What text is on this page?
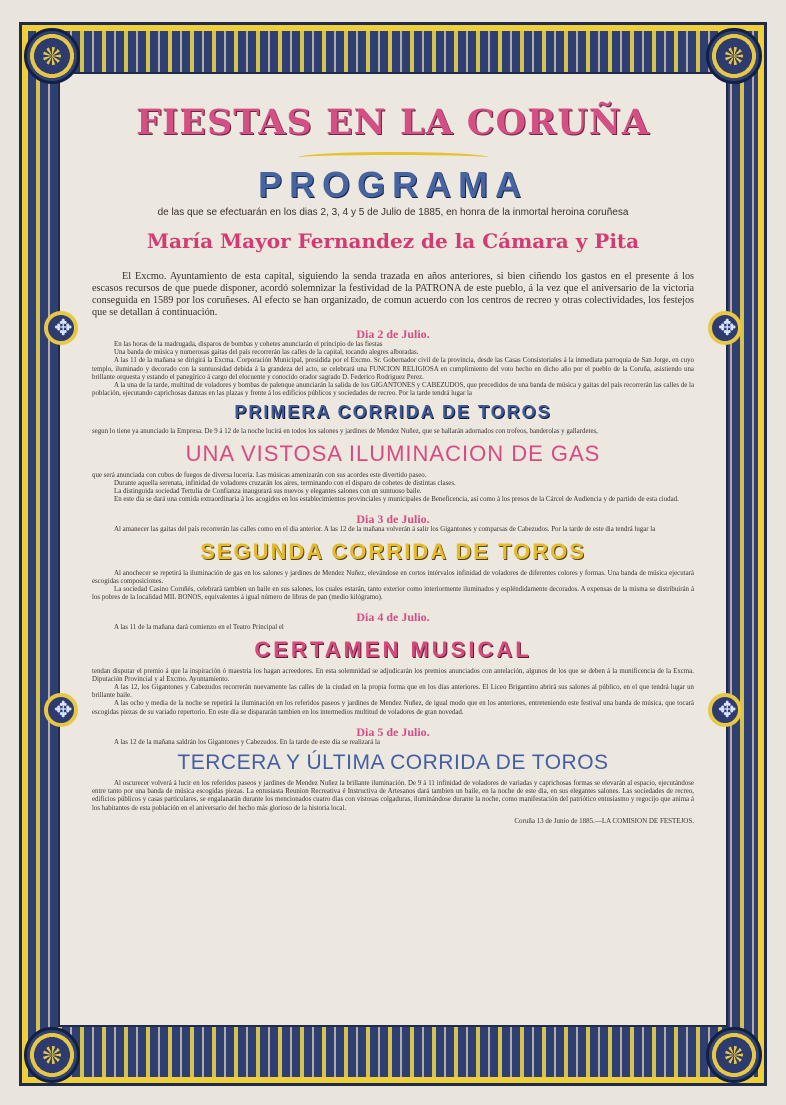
✥
✥
✥
✥
FIESTAS EN LA CORUÑA
PROGRAMA
de las que se efectuarán en los dias 2, 3, 4 y 5 de Julio de 1885, en honra de la inmortal heroina coruñesa
María Mayor Fernandez de la Cámara y Pita
El Excmo. Ayuntamiento de esta capital, siguiendo la senda trazada en años anteriores, si bien ciñendo los gastos en el presente á los escasos recursos de que puede disponer, acordó solemnizar la festividad de la PATRONA de este pueblo, á la vez que el aniversario de la victoria conseguida en 1589 por los coruñeses. Al efecto se han organizado, de comun acuerdo con los centros de recreo y otras colectividades, los festejos que se detallan á continuación.
Dia 2 de Julio.

En las horas de la madrugada, disparos de bombas y cohetes anunciarán el principio de las fiestas

Una banda de música y numerosas gaitas del país recorrerán las calles de la capital, tocando alegres alboradas.

A las 11 de la mañana se dirigirá la Excma. Corporación Municipal, presidida por el Excmo. Sr. Gobernador civil de la provincia, desde las Casas Consistoriales á la inmediata parroquia de San Jorge, en cuyo templo, iluminado y decorado con la suntuosidad debida á la grandeza del acto, se celebrará una FUNCION RELIGIOSA en cumplimiento del voto hecho en dicho año por el pueblo de la Coruña, asistiendo una brillante orquesta y estando el panegírico á cargo del elocuente y conocido orador sagrado D. Federico Rodriguez Perez.

A la una de la tarde, multitud de voladores y bombas de palenque anunciarán la salida de los GIGANTONES y CABEZUDOS, que precedidos de una banda de música y gaitas del país recorrerán las calles de la población, ejecutando caprichosas danzas en las plazas y frente á los edificios públicos y sociedades de recreo. Por la tarde tendrá lugar la

PRIMERA CORRIDA DE TOROS

segun lo tiene ya anunciado la Empresa. De 9 á 12 de la noche lucirá en todos los salones y jardines de Mendez Nuñez, que se hallarán adornados con trofeos, banderolas y gallardetes,

UNA VISTOSA ILUMINACION DE GAS

que será anunciada con cubos de fuegos de diversa luceria. Las músicas amenizarán con sus acordes este divertido paseo.

Durante aquella serenata, infinidad de voladores cruzarán los aires, terminando con el disparo de cohetes de distintas clases.

La distinguida sociedad Tertulia de Confianza inaugurará sus nuevos y elegantes salones con un suntuoso baile.

En este dia se dará una comida extraordinaria á los acogidos en los establecimientos provinciales y municipales de Beneficencia, así como á los presos de la Cárcel de Audiencia y de partido de esta ciudad.

Dia 3 de Julio.

Al amanecer las gaitas del país recorrerán las calles como en el dia anterior. A las 12 de la mañana volverán á salir los Gigantones y comparsas de Cabezudos. Por la tarde de este dia tendrá lugar la

SEGUNDA CORRIDA DE TOROS

Al anochecer se repetirá la iluminación de gas en los salones y jardines de Mendez Nuñez, elevándose en cortos intérvalos infinidad de voladores de diferentes colores y formas. Una banda de música ejecutará escogidas composiciones.

La sociedad Casino Coruñés, celebrará tambien un baile en sus salones, los cuales estarán, tanto exterior como interiormente iluminados y espléndidamente decorados. A expensas de la misma se distribuirán á los pobres de la localidad MIL BONOS, equivalentes á igual número de libras de pan (medio kilógramo).

Dia 4 de Julio.

A las 11 de la mañana dará comienzo en el Teatro Principal el

CERTAMEN MUSICAL

tendan disputar el premio á que la inspiración ó maestria los hagan acreedores. En esta solemnidad se adjudicarán los premios anunciados con antelación, algunos de los que se deben á la munificencia de la Excma. Diputación Provincial y al Excmo. Ayuntamiento.

A las 12, los Gigantones y Cabezudos recorrerán nuevamente las calles de la ciudad en la propia forma que en los dias anteriores. El Liceo Brigantino abrirá sus salones al público, en el que tendrá lugar un brillante baile.

A las ocho y media de la noche se repetirá la iluminación en los referidos paseos y jardines de Mendez Nuñez, de igual modo que en los anteriores, entreteniendo este festival una banda de música, que tocará escogidas piezas de su variado repertorio. En este dia se dispararán tambien en los intermedios multitud de voladores de gran novedad.

Dia 5 de Julio.

A las 12 de la mañana saldrán los Gigantones y Cabezudos. En la tarde de este dia se realizará la

TERCERA Y ÚLTIMA CORRIDA DE TOROS

Al oscurecer volverá á lucir en los referidos paseos y jardines de Mendez Nuñez la brillante iluminación. De 9 á 11 infinidad de voladores de variadas y caprichosas formas se elevarán al espacio, ejecutándose entre tanto por una banda de música escogidas piezas. La entusiasta Reunion Recreativa é Instructiva de Artesanos dará tambien un baile, en la noche de este dia, en sus elegantes salones. Las sociedades de recreo, edificios públicos y casas particulares, se engalanarán durante los mencionados cuatro dias con vistosas colgaduras, iluminándose durante la noche, como manifestación del patriótico entusiasmo y regocijo que anima á los habitantes de esta población en el aniversario del hecho más glorioso de la historia local.

Coruña 13 de Junio de 1885.—LA COMISION DE FESTEJOS.
